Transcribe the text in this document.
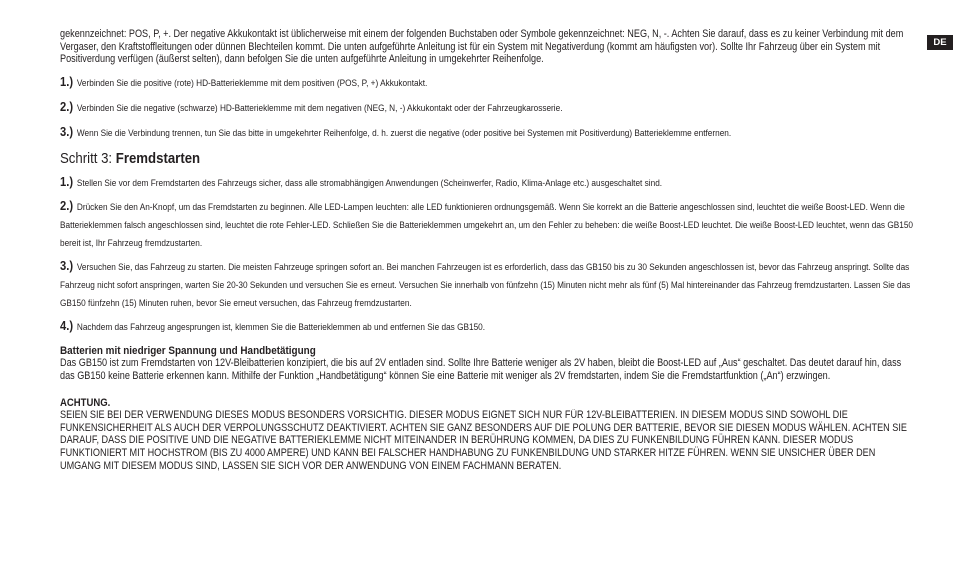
DE

gekennzeichnet: POS, P, +. Der negative Akkukontakt ist üblicherweise mit einem der folgenden Buchstaben oder Symbole gekennzeichnet: NEG, N, -. Achten Sie darauf, dass es zu keiner Verbindung mit dem Vergaser, den Kraftstoffleitungen oder dünnen Blechteilen kommt. Die unten aufgeführte Anleitung ist für ein System mit Negativerdung (kommt am häufigsten vor). Sollte Ihr Fahrzeug über ein System mit Positiverdung verfügen (äußerst selten), dann befolgen Sie die unten aufgeführte Anleitung in umgekehrter Reihenfolge.

1.) Verbinden Sie die positive (rote) HD-Batterieklemme mit dem positiven (POS, P, +) Akkukontakt.
2.) Verbinden Sie die negative (schwarze) HD-Batterieklemme mit dem negativen (NEG, N, -) Akkukontakt oder der Fahrzeugkarosserie.
3.) Wenn Sie die Verbindung trennen, tun Sie das bitte in umgekehrter Reihenfolge, d. h. zuerst die negative (oder positive bei Systemen mit Positiverdung) Batterieklemme entfernen.
Schritt 3: Fremdstarten
1.) Stellen Sie vor dem Fremdstarten des Fahrzeugs sicher, dass alle stromabhängigen Anwendungen (Scheinwerfer, Radio, Klima-Anlage etc.) ausgeschaltet sind.
2.) Drücken Sie den An-Knopf, um das Fremdstarten zu beginnen. Alle LED-Lampen leuchten: alle LED funktionieren ordnungsgemäß. Wenn Sie korrekt an die Batterie angeschlossen sind, leuchtet die weiße Boost-LED. Wenn die Batterieklemmen falsch angeschlossen sind, leuchtet die rote Fehler-LED. Schließen Sie die Batterieklemmen umgekehrt an, um den Fehler zu beheben: die weiße Boost-LED leuchtet. Die weiße Boost-LED leuchtet, wenn das GB150 bereit ist, Ihr Fahrzeug fremdzustarten.
3.) Versuchen Sie, das Fahrzeug zu starten. Die meisten Fahrzeuge springen sofort an. Bei manchen Fahrzeugen ist es erforderlich, dass das GB150 bis zu 30 Sekunden angeschlossen ist, bevor das Fahrzeug anspringt. Sollte das Fahrzeug nicht sofort anspringen, warten Sie 20-30 Sekunden und versuchen Sie es erneut. Versuchen Sie innerhalb von fünfzehn (15) Minuten nicht mehr als fünf (5) Mal hintereinander das Fahrzeug fremdzustarten. Lassen Sie das GB150 fünfzehn (15) Minuten ruhen, bevor Sie erneut versuchen, das Fahrzeug fremdzustarten.
4.) Nachdem das Fahrzeug angesprungen ist, klemmen Sie die Batterieklemmen ab und entfernen Sie das GB150.
Batterien mit niedriger Spannung und Handbetätigung

Das GB150 ist zum Fremdstarten von 12V-Bleibatterien konzipiert, die bis auf 2V entladen sind. Sollte Ihre Batterie weniger als 2V haben, bleibt die Boost-LED auf „Aus“ geschaltet. Das deutet darauf hin, dass das GB150 keine Batterie erkennen kann. Mithilfe der Funktion „Handbetätigung“ können Sie eine Batterie mit weniger als 2V fremdstarten, indem Sie die Fremdstartfunktion („An“) erzwingen.

ACHTUNG.

SEIEN SIE BEI DER VERWENDUNG DIESES MODUS BESONDERS VORSICHTIG. DIESER MODUS EIGNET SICH NUR FÜR 12V-BLEIBATTERIEN. IN DIESEM MODUS SIND SOWOHL DIE FUNKENSICHERHEIT ALS AUCH DER VERPOLUNGSSCHUTZ DEAKTIVIERT. ACHTEN SIE GANZ BESONDERS AUF DIE POLUNG DER BATTERIE, BEVOR SIE DIESEN MODUS WÄHLEN. ACHTEN SIE DARAUF, DASS DIE POSITIVE UND DIE NEGATIVE BATTERIEKLEMME NICHT MITEINANDER IN BERÜHRUNG KOMMEN, DA DIES ZU FUNKENBILDUNG FÜHREN KANN. DIESER MODUS FUNKTIONIERT MIT HOCHSTROM (BIS ZU 4000 AMPERE) UND KANN BEI FALSCHER HANDHABUNG ZU FUNKENBILDUNG UND STARKER HITZE FÜHREN. WENN SIE UNSICHER ÜBER DEN UMGANG MIT DIESEM MODUS SIND, LASSEN SIE SICH VOR DER ANWENDUNG VON EINEM FACHMANN BERATEN.
